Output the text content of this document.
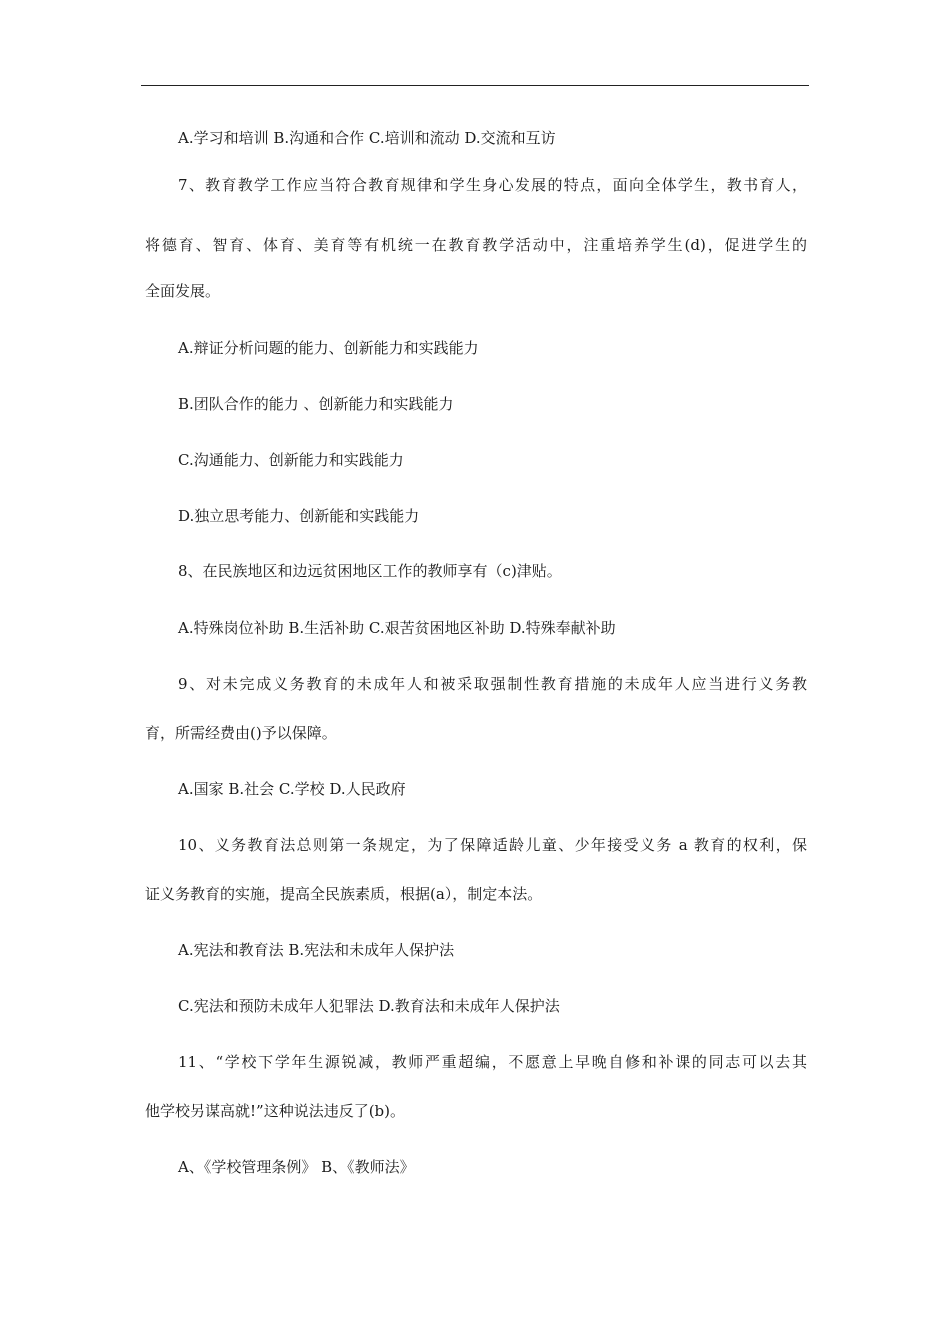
A.学习和培训 B.沟通和合作 C.培训和流动 D.交流和互访
7、教育教学工作应当符合教育规律和学生身心发展的特点，面向全体学生，教书育人，
将德育、智育、体育、美育等有机统一在教育教学活动中，注重培养学生(d)，促进学生的
全面发展。
A.辩证分析问题的能力、创新能力和实践能力
B.团队合作的能力 、创新能力和实践能力
C.沟通能力、创新能力和实践能力
D.独立思考能力、创新能和实践能力
8、在民族地区和边远贫困地区工作的教师享有（c)津贴。
A.特殊岗位补助 B.生活补助 C.艰苦贫困地区补助 D.特殊奉献补助
9、对未完成义务教育的未成年人和被采取强制性教育措施的未成年人应当进行义务教
育，所需经费由()予以保障。
A.国家 B.社会 C.学校 D.人民政府
10、义务教育法总则第一条规定，为了保障适龄儿童、少年接受义务 a 教育的权利，保
证义务教育的实施，提高全民族素质，根据(a），制定本法。
A.宪法和教育法 B.宪法和未成年人保护法
C.宪法和预防未成年人犯罪法 D.教育法和未成年人保护法
11、“学校下学年生源锐减，教师严重超编，不愿意上早晚自修和补课的同志可以去其
他学校另谋高就!”这种说法违反了(b)。
A、《学校管理条例》 B、《教师法》
